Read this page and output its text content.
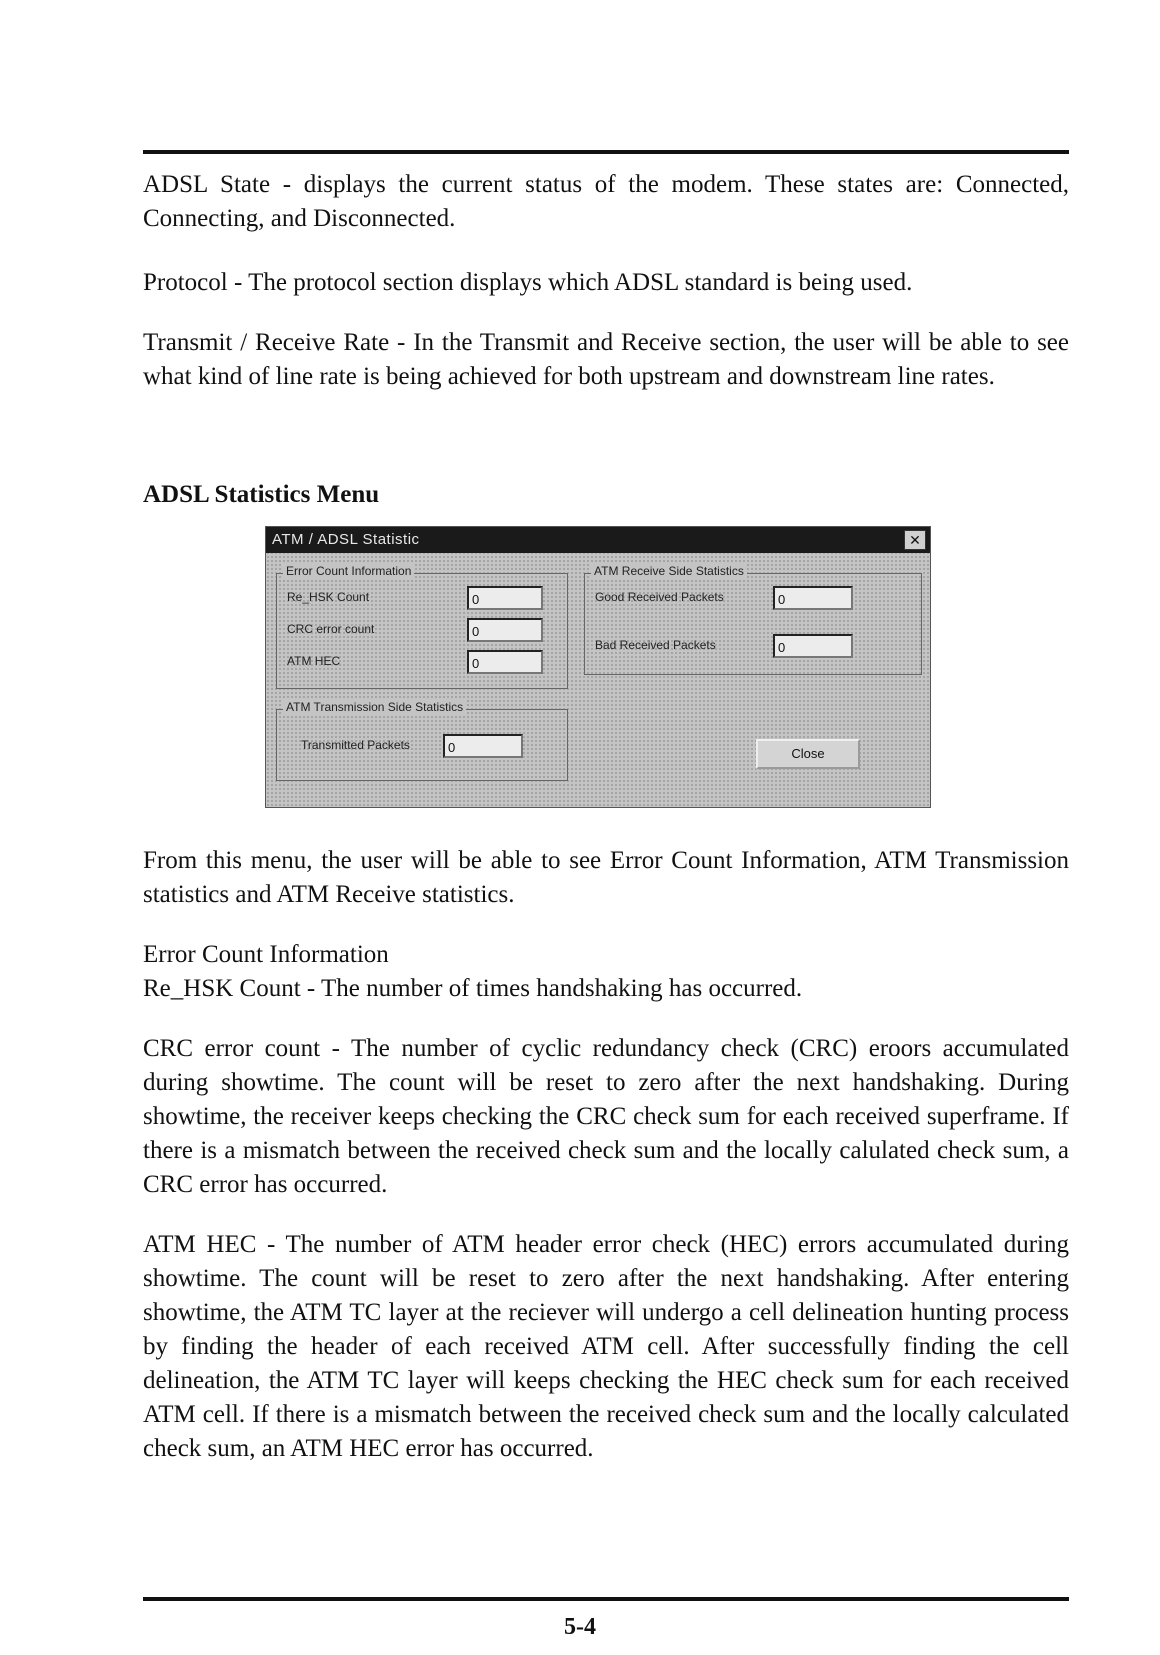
ADSL State - displays the current status of the modem. These states are: Connected, Connecting, and Disconnected.

Protocol - The protocol section displays which ADSL standard is being used.

Transmit / Receive Rate - In the Transmit and Receive section, the user will be able to see what kind of line rate is being achieved for both upstream and downstream line rates.

ADSL Statistics Menu

ATM / ADSL Statistic	✕
Error Count Information
Re_HSK Count	0
CRC error count	0
ATM HEC	0
ATM Receive Side Statistics
Good Received Packets	0
Bad Received Packets	0
ATM Transmission Side Statistics
Transmitted Packets	0	Close

From this menu, the user will be able to see Error Count Information, ATM Transmission statistics and ATM Receive statistics.

Error Count Information

Re_HSK Count - The number of times handshaking has occurred.

CRC error count - The number of cyclic redundancy check (CRC) eroors accumulated during showtime. The count will be reset to zero after the next handshaking. During showtime, the receiver keeps checking the CRC check sum for each received superframe. If there is a mismatch between the received check sum and the locally calulated check sum, a CRC error has occurred.

ATM HEC - The number of ATM header error check (HEC) errors accumulated during showtime. The count will be reset to zero after the next handshaking. After entering showtime, the ATM TC layer at the reciever will undergo a cell delineation hunting process by finding the header of each received ATM cell. After successfully finding the cell delineation, the ATM TC layer will keeps checking the HEC check sum for each received ATM cell. If there is a mismatch between the received check sum and the locally calculated check sum, an ATM HEC error has occurred.

5-4
